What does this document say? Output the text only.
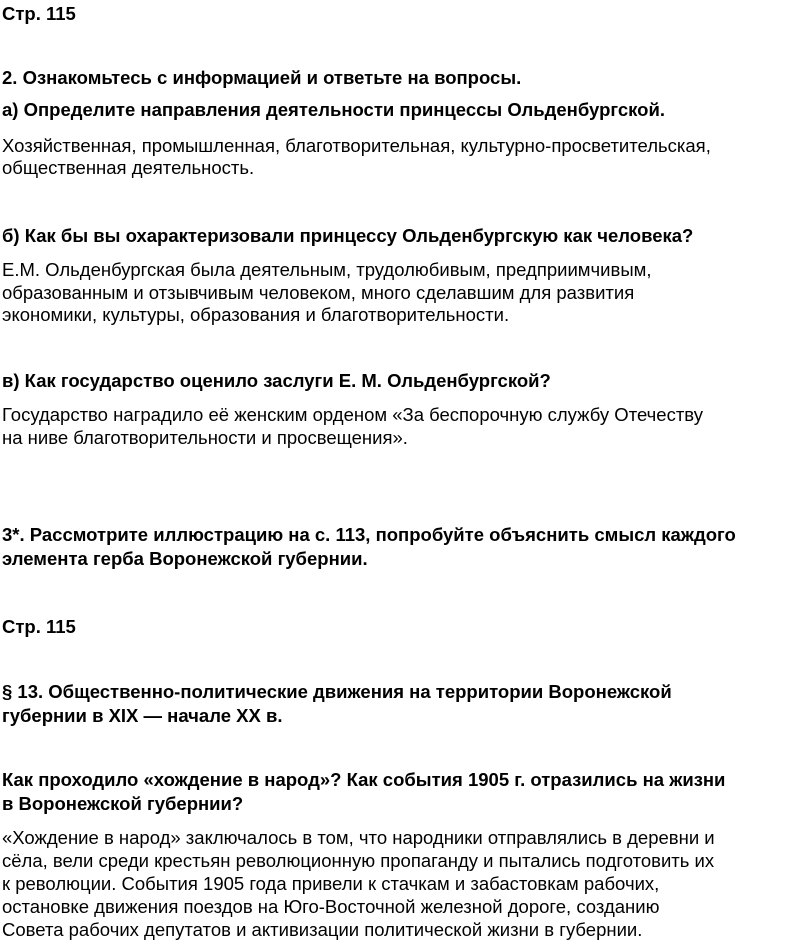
Стр. 115
2. Ознакомьтесь с информацией и ответьте на вопросы.
а) Определите направления деятельности принцессы Ольденбургской.
Хозяйственная, промышленная, благотворительная, культурно-просветительская,
общественная деятельность.
б) Как бы вы охарактеризовали принцессу Ольденбургскую как человека?
Е.М. Ольденбургская была деятельным, трудолюбивым, предприимчивым,
образованным и отзывчивым человеком, много сделавшим для развития
экономики, культуры, образования и благотворительности.
в) Как государство оценило заслуги Е. М. Ольденбургской?
Государство наградило её женским орденом «За беспорочную службу Отечеству
на ниве благотворительности и просвещения».
3*. Рассмотрите иллюстрацию на с. 113, попробуйте объяснить смысл каждого
элемента герба Воронежской губернии.
Стр. 115
§ 13. Общественно-политические движения на территории Воронежской
губернии в XIX — начале XX в.
Как проходило «хождение в народ»? Как события 1905 г. отразились на жизни
в Воронежской губернии?
«Хождение в народ» заключалось в том, что народники отправлялись в деревни и
сёла, вели среди крестьян революционную пропаганду и пытались подготовить их
к революции. События 1905 года привели к стачкам и забастовкам рабочих,
остановке движения поездов на Юго-Восточной железной дороге, созданию
Совета рабочих депутатов и активизации политической жизни в губернии.
